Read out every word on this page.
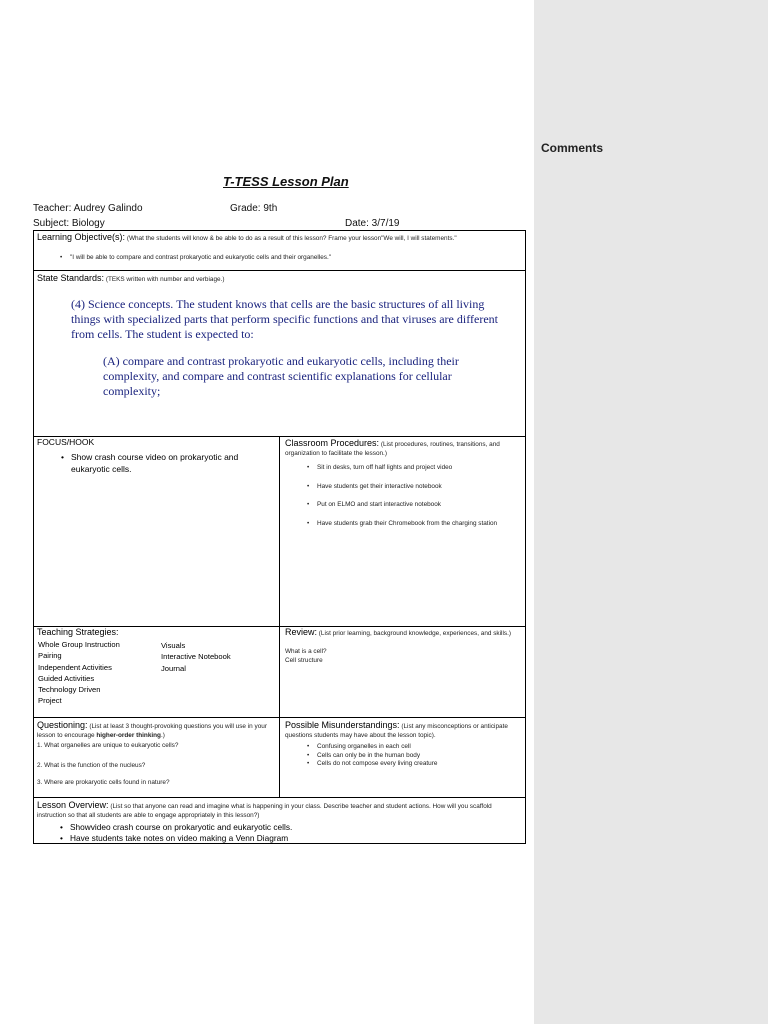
Comments
T-TESS Lesson Plan
Teacher: Audrey Galindo	Grade: 9th
Subject: Biology	Date: 3/7/19
Learning Objective(s): (What the students will know & be able to do as a result of this lesson? Frame your lesson"We will, I will statements."
• "I will be able to compare and contrast prokaryotic and eukaryotic cells and their organelles."
State Standards: (TEKS written with number and verbiage.)
(4) Science concepts. The student knows that cells are the basic structures of all living things with specialized parts that perform specific functions and that viruses are different from cells. The student is expected to:
(A) compare and contrast prokaryotic and eukaryotic cells, including their complexity, and compare and contrast scientific explanations for cellular complexity;
FOCUS/HOOK
• Show crash course video on prokaryotic and eukaryotic cells.
Classroom Procedures: (List procedures, routines, transitions, and organization to facilitate the lesson.)
• Sit in desks, turn off half lights and project video
• Have students get their interactive notebook
• Put on ELMO and start interactive notebook
• Have students grab their Chromebook from the charging station
Teaching Strategies:
Whole Group Instruction
Pairing
Independent Activities
Guided Activities
Technology Driven
Project
Visuals
Interactive Notebook
Journal
Review: (List prior learning, background knowledge, experiences, and skills.)
What is a cell?
Cell structure
Questioning: (List at least 3 thought-provoking questions you will use in your lesson to encourage higher-order thinking.)
1. What organelles are unique to eukaryotic cells?
2. What is the function of the nucleus?
3. Where are prokaryotic cells found in nature?
Possible Misunderstandings: (List any misconceptions or anticipate questions students may have about the lesson topic).
• Confusing organelles in each cell
• Cells can only be in the human body
• Cells do not compose every living creature
Lesson Overview: (List so that anyone can read and imagine what is happening in your class. Describe teacher and student actions. How will you scaffold instruction so that all students are able to engage appropriately in this lesson?)
• Showvideo crash course on prokaryotic and eukaryotic cells.
• Have students take notes on video making a Venn Diagram
